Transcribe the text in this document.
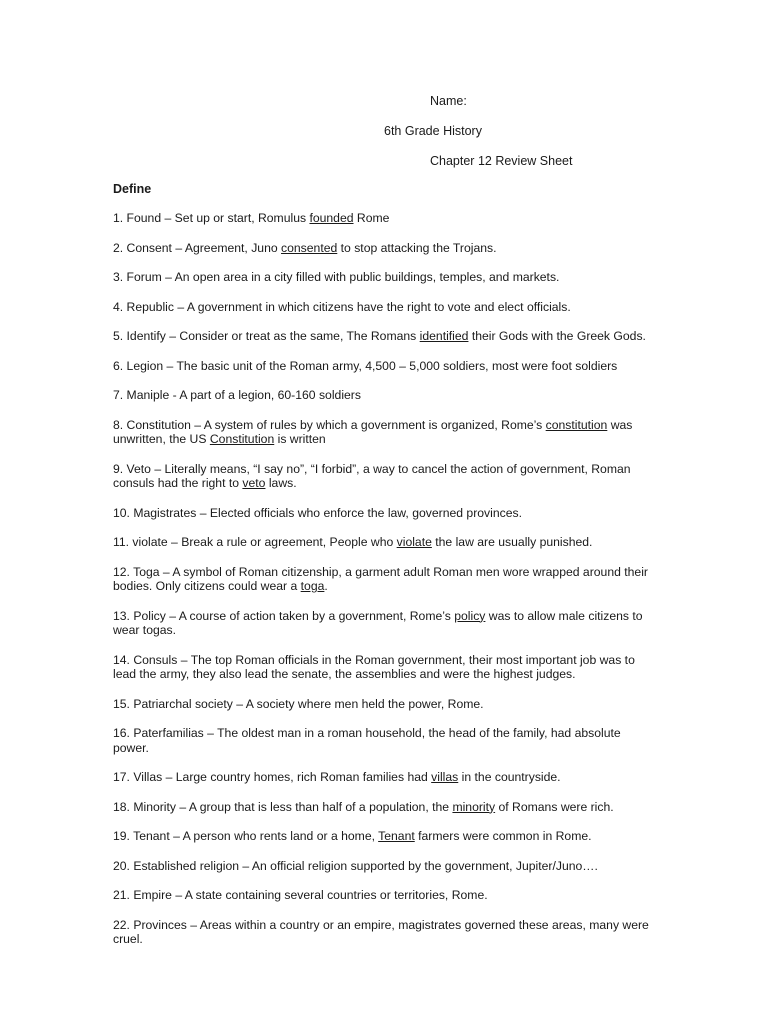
Name:
6th Grade History
Chapter 12 Review Sheet
Define

1. Found – Set up or start, Romulus founded Rome

2. Consent – Agreement, Juno consented to stop attacking the Trojans.

3. Forum – An open area in a city filled with public buildings, temples, and markets.

4. Republic – A government in which citizens have the right to vote and elect officials.

5. Identify – Consider or treat as the same, The Romans identified their Gods with the Greek Gods.

6. Legion – The basic unit of the Roman army, 4,500 – 5,000 soldiers, most were foot soldiers

7. Maniple - A part of a legion, 60-160 soldiers

8. Constitution – A system of rules by which a government is organized, Rome’s constitution was unwritten, the US Constitution is written

9. Veto – Literally means, “I say no”, “I forbid”, a way to cancel the action of government, Roman consuls had the right to veto laws.

10. Magistrates – Elected officials who enforce the law, governed provinces.

11. violate – Break a rule or agreement, People who violate the law are usually punished.

12. Toga – A symbol of Roman citizenship, a garment adult Roman men wore wrapped around their bodies. Only citizens could wear a toga.

13. Policy – A course of action taken by a government, Rome’s policy was to allow male citizens to wear togas.

14. Consuls – The top Roman officials in the Roman government, their most important job was to lead the army, they also lead the senate, the assemblies and were the highest judges.

15. Patriarchal society – A society where men held the power, Rome.

16. Paterfamilias – The oldest man in a roman household, the head of the family, had absolute power.

17. Villas – Large country homes, rich Roman families had villas in the countryside.

18. Minority – A group that is less than half of a population, the minority of Romans were rich.

19. Tenant – A person who rents land or a home, Tenant farmers were common in Rome.

20. Established religion – An official religion supported by the government, Jupiter/Juno….

21. Empire – A state containing several countries or territories, Rome.

22. Provinces – Areas within a country or an empire, magistrates governed these areas, many were cruel.
